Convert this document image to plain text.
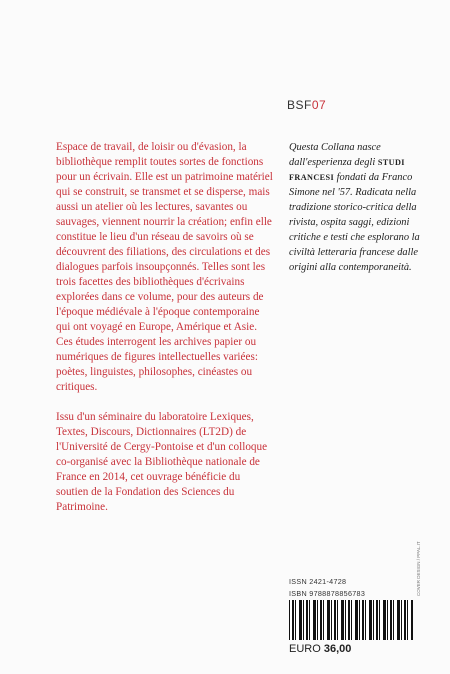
BSF07

Espace de travail, de loisir ou d'évasion, la bibliothèque remplit toutes sortes de fonctions pour un écrivain. Elle est un patrimoine matériel qui se construit, se transmet et se disperse, mais aussi un atelier où les lectures, savantes ou sauvages, viennent nourrir la création; enfin elle constitue le lieu d'un réseau de savoirs où se découvrent des filiations, des circulations et des dialogues parfois insoupçonnés. Telles sont les trois facettes des bibliothèques d'écrivains explorées dans ce volume, pour des auteurs de l'époque médiévale à l'époque contemporaine qui ont voyagé en Europe, Amérique et Asie. Ces études interrogent les archives papier ou numériques de figures intellectuelles variées: poètes, linguistes, philosophes, cinéastes ou critiques.

Issu d'un séminaire du laboratoire Lexiques, Textes, Discours, Dictionnaires (LT2D) de l'Université de Cergy-Pontoise et d'un colloque co-organisé avec la Bibliothèque nationale de France en 2014, cet ouvrage bénéficie du soutien de la Fondation des Sciences du Patrimoine.

Questa Collana nasce dall'esperienza degli STUDI FRANCESI fondati da Franco Simone nel '57. Radicata nella tradizione storico-critica della rivista, ospita saggi, edizioni critiche e testi che esplorano la civiltà letteraria francese dalle origini alla contemporaneità.
ISSN 2421-4728
ISBN 9788878856783
EURO 36,00
COVER DESIGN / PPAL.IT
